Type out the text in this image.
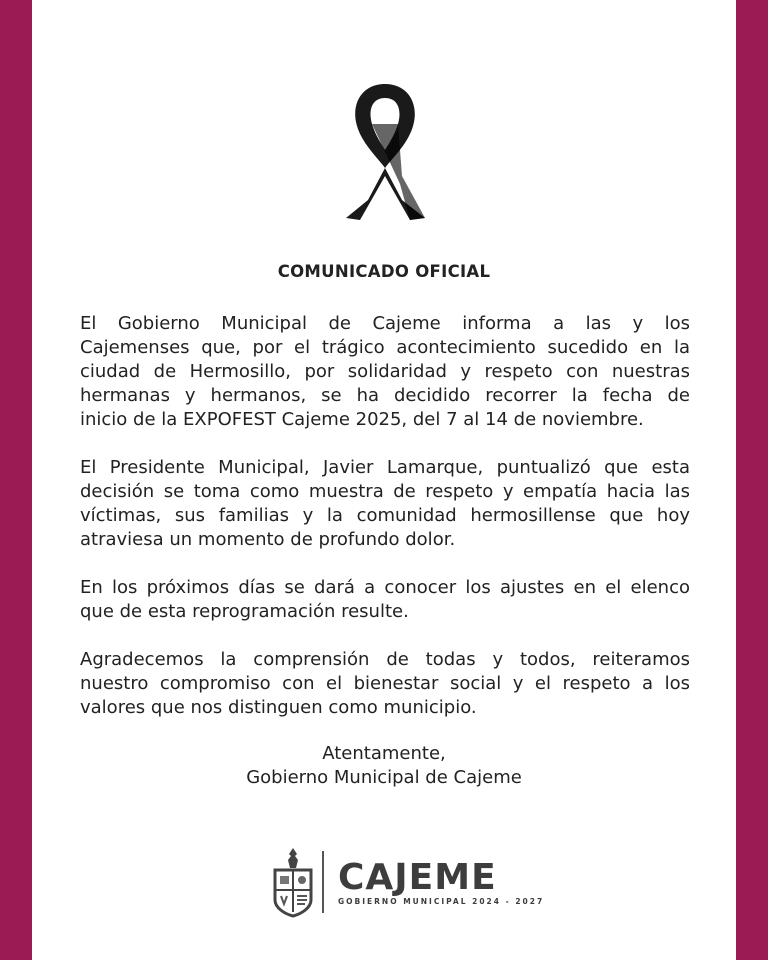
COMUNICADO OFICIAL
El Gobierno Municipal de Cajeme informa a las y los
Cajemenses que, por el trágico acontecimiento sucedido en la
ciudad de Hermosillo, por solidaridad y respeto con nuestras
hermanas y hermanos, se ha decidido recorrer la fecha de
inicio de la EXPOFEST Cajeme 2025, del 7 al 14 de noviembre.
El Presidente Municipal, Javier Lamarque, puntualizó que esta
decisión se toma como muestra de respeto y empatía hacia las
víctimas, sus familias y la comunidad hermosillense que hoy
atraviesa un momento de profundo dolor.
En los próximos días se dará a conocer los ajustes en el elenco
que de esta reprogramación resulte.
Agradecemos la comprensión de todas y todos, reiteramos
nuestro compromiso con el bienestar social y el respeto a los
valores que nos distinguen como municipio.
Atentamente,
Gobierno Municipal de Cajeme
CAJEME
GOBIERNO MUNICIPAL 2024 - 2027
